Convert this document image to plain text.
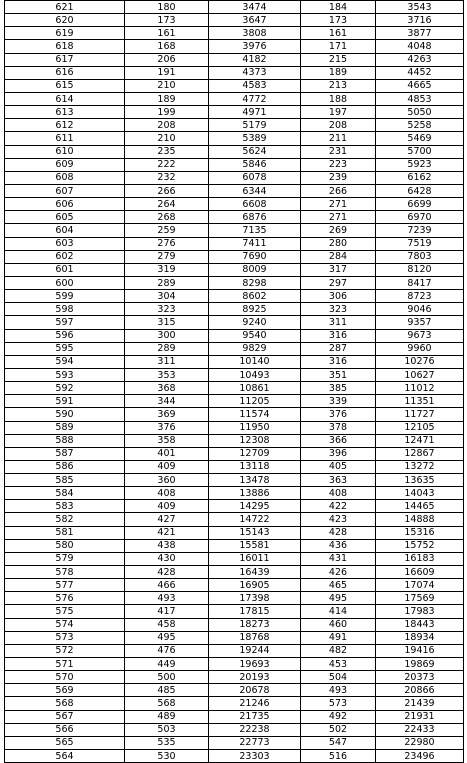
621	180	3474	184	3543
620	173	3647	173	3716
619	161	3808	161	3877
618	168	3976	171	4048
617	206	4182	215	4263
616	191	4373	189	4452
615	210	4583	213	4665
614	189	4772	188	4853
613	199	4971	197	5050
612	208	5179	208	5258
611	210	5389	211	5469
610	235	5624	231	5700
609	222	5846	223	5923
608	232	6078	239	6162
607	266	6344	266	6428
606	264	6608	271	6699
605	268	6876	271	6970
604	259	7135	269	7239
603	276	7411	280	7519
602	279	7690	284	7803
601	319	8009	317	8120
600	289	8298	297	8417
599	304	8602	306	8723
598	323	8925	323	9046
597	315	9240	311	9357
596	300	9540	316	9673
595	289	9829	287	9960
594	311	10140	316	10276
593	353	10493	351	10627
592	368	10861	385	11012
591	344	11205	339	11351
590	369	11574	376	11727
589	376	11950	378	12105
588	358	12308	366	12471
587	401	12709	396	12867
586	409	13118	405	13272
585	360	13478	363	13635
584	408	13886	408	14043
583	409	14295	422	14465
582	427	14722	423	14888
581	421	15143	428	15316
580	438	15581	436	15752
579	430	16011	431	16183
578	428	16439	426	16609
577	466	16905	465	17074
576	493	17398	495	17569
575	417	17815	414	17983
574	458	18273	460	18443
573	495	18768	491	18934
572	476	19244	482	19416
571	449	19693	453	19869
570	500	20193	504	20373
569	485	20678	493	20866
568	568	21246	573	21439
567	489	21735	492	21931
566	503	22238	502	22433
565	535	22773	547	22980
564	530	23303	516	23496
